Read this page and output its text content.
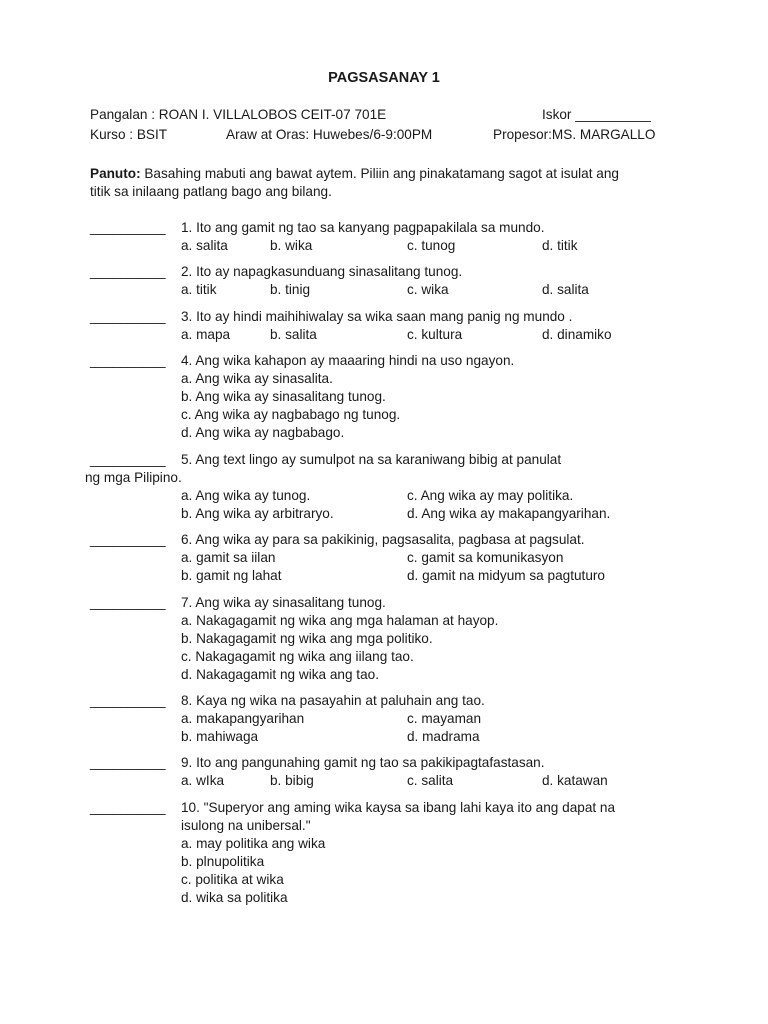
PAGSASANAY 1
Pangalan : ROAN I. VILLALOBOS CEIT-07 701E	Iskor __________
Kurso : BSIT	Araw at Oras: Huwebes/6-9:00PM	Propesor:MS. MARGALLO
Panuto: Basahing mabuti ang bawat aytem. Piliin ang pinakatamang sagot at isulat ang
titik sa inilaang patlang bago ang bilang.
__________ 1. Ito ang gamit ng tao sa kanyang pagpapakilala sa mundo.
a. salita	b. wika	c. tunog	d. titik
__________ 2. Ito ay napagkasunduang sinasalitang tunog.
a. titik	b. tinig	c. wika	d. salita
__________ 3. Ito ay hindi maihihiwalay sa wika saan mang panig ng mundo .
a. mapa	b. salita	c. kultura	d. dinamiko
__________ 4. Ang wika kahapon ay maaaring hindi na uso ngayon.
a. Ang wika ay sinasalita.
b. Ang wika ay sinasalitang tunog.
c. Ang wika ay nagbabago ng tunog.
d. Ang wika ay nagbabago.
__________ 5. Ang text lingo ay sumulpot na sa karaniwang bibig at panulat
ng mga Pilipino.
a. Ang wika ay tunog.	c. Ang wika ay may politika.
b. Ang wika ay arbitraryo.	d. Ang wika ay makapangyarihan.
__________ 6. Ang wika ay para sa pakikinig, pagsasalita, pagbasa at pagsulat.
a. gamit sa iilan	c. gamit sa komunikasyon
b. gamit ng lahat	d. gamit na midyum sa pagtuturo
__________ 7. Ang wika ay sinasalitang tunog.
a. Nakagagamit ng wika ang mga halaman at hayop.
b. Nakagagamit ng wika ang mga politiko.
c. Nakagagamit ng wika ang iilang tao.
d. Nakagagamit ng wika ang tao.
__________ 8. Kaya ng wika na pasayahin at paluhain ang tao.
a. makapangyarihan	c. mayaman
b. mahiwaga	d. madrama
__________ 9. Ito ang pangunahing gamit ng tao sa pakikipagtafastasan.
a. wIka	b. bibig	c. salita	d. katawan
__________ 10. "Superyor ang aming wika kaysa sa ibang lahi kaya ito ang dapat na
isulong na unibersal."
a. may politika ang wika
b. plnupolitika
c. politika at wika
d. wika sa politika
